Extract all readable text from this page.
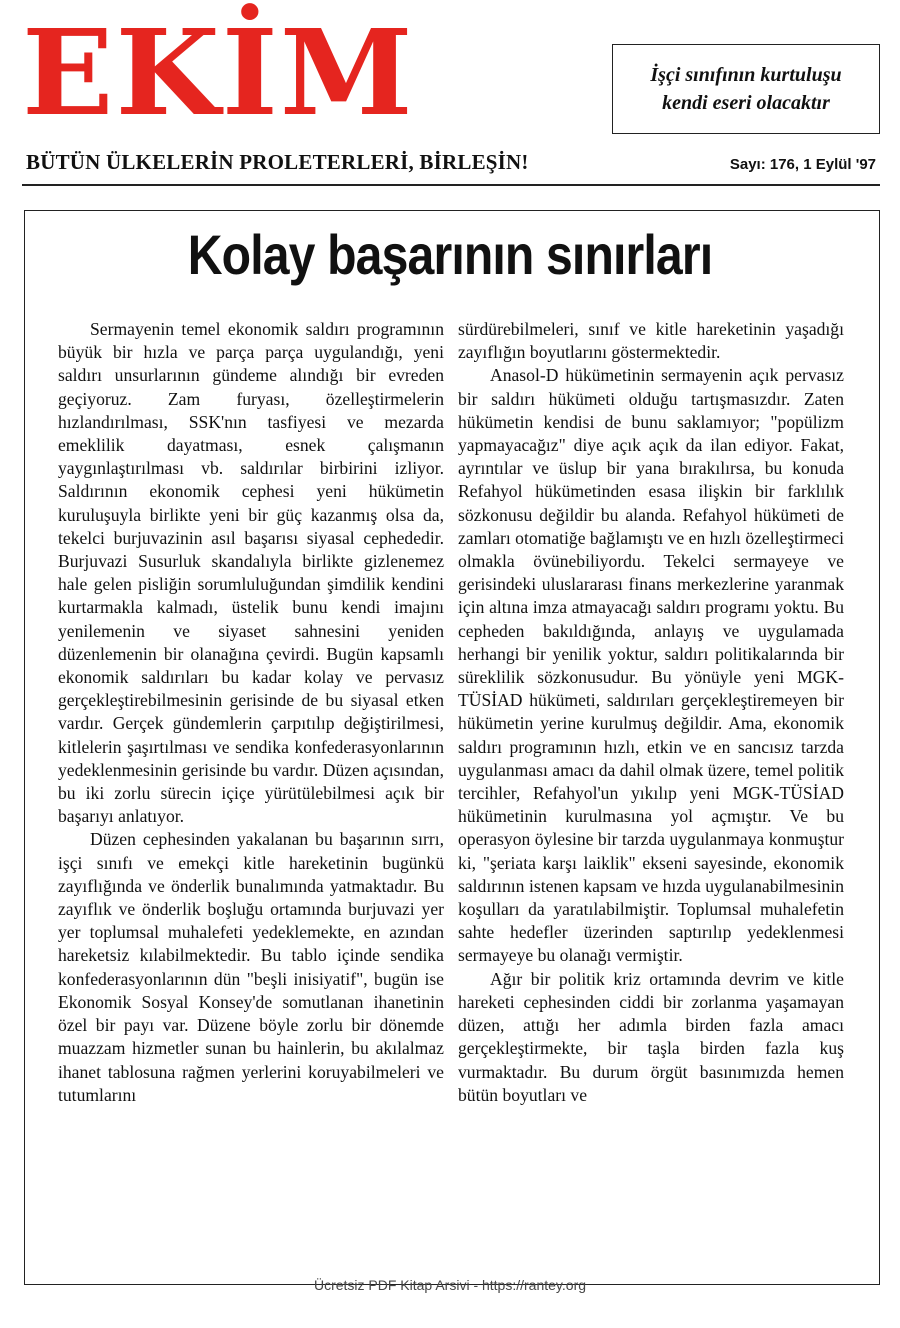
EKİM	İşçi sınıfının kurtuluşu
kendi eseri olacaktır
BÜTÜN ÜLKELERİN PROLETERLERİ, BİRLEŞİN!	Sayı: 176, 1 Eylül '97
Kolay başarının sınırları

Sermayenin temel ekonomik saldırı programının büyük bir hızla ve parça parça uygulandığı, yeni saldırı unsurlarının gündeme alındığı bir evreden geçiyoruz. Zam furyası, özelleştirmelerin hızlandırılması, SSK'nın tasfiyesi ve mezarda emeklilik dayatması, esnek çalışmanın yaygınlaştırılması vb. saldırılar birbirini izliyor. Saldırının ekonomik cephesi yeni hükümetin kuruluşuyla birlikte yeni bir güç kazanmış olsa da, tekelci burjuvazinin asıl başarısı siyasal cephededir. Burjuvazi Susurluk skandalıyla birlikte gizlenemez hale gelen pisliğin sorumluluğundan şimdilik kendini kurtarmakla kalmadı, üstelik bunu kendi imajını yenilemenin ve siyaset sahnesini yeniden düzenlemenin bir olanağına çevirdi. Bugün kapsamlı ekonomik saldırıları bu kadar kolay ve pervasız gerçekleştirebilmesinin gerisinde de bu siyasal etken vardır. Gerçek gündemlerin çarpıtılıp değiştirilmesi, kitlelerin şaşırtılması ve sendika konfederasyonlarının yedeklenmesinin gerisinde bu vardır. Düzen açısından, bu iki zorlu sürecin içiçe yürütülebilmesi açık bir başarıyı anlatıyor.

Düzen cephesinden yakalanan bu başarının sırrı, işçi sınıfı ve emekçi kitle hareketinin bugünkü zayıflığında ve önderlik bunalımında yatmaktadır. Bu zayıflık ve önderlik boşluğu ortamında burjuvazi yer yer toplumsal muhalefeti yedeklemekte, en azından hareketsiz kılabilmektedir. Bu tablo içinde sendika konfederasyonlarının dün "beşli inisiyatif", bugün ise Ekonomik Sosyal Konsey'de somutlanan ihanetinin özel bir payı var. Düzene böyle zorlu bir dönemde muazzam hizmetler sunan bu hainlerin, bu akılalmaz ihanet tablosuna rağmen yerlerini koruyabilmeleri ve tutumlarını

sürdürebilmeleri, sınıf ve kitle hareketinin yaşadığı zayıflığın boyutlarını göstermektedir.

Anasol-D hükümetinin sermayenin açık pervasız bir saldırı hükümeti olduğu tartışmasızdır. Zaten hükümetin kendisi de bunu saklamıyor; "popülizm yapmayacağız" diye açık açık da ilan ediyor. Fakat, ayrıntılar ve üslup bir yana bırakılırsa, bu konuda Refahyol hükümetinden esasa ilişkin bir farklılık sözkonusu değildir bu alanda. Refahyol hükümeti de zamları otomatiğe bağlamıştı ve en hızlı özelleştirmeci olmakla övünebiliyordu. Tekelci sermayeye ve gerisindeki uluslararası finans merkezlerine yaranmak için altına imza atmayacağı saldırı programı yoktu. Bu cepheden bakıldığında, anlayış ve uygulamada herhangi bir yenilik yoktur, saldırı politikalarında bir süreklilik sözkonusudur. Bu yönüyle yeni MGK-TÜSİAD hükümeti, saldırıları gerçekleştiremeyen bir hükümetin yerine kurulmuş değildir. Ama, ekonomik saldırı programının hızlı, etkin ve en sancısız tarzda uygulanması amacı da dahil olmak üzere, temel politik tercihler, Refahyol'un yıkılıp yeni MGK-TÜSİAD hükümetinin kurulmasına yol açmıştır. Ve bu operasyon öylesine bir tarzda uygulanmaya konmuştur ki, "şeriata karşı laiklik" ekseni sayesinde, ekonomik saldırının istenen kapsam ve hızda uygulanabilmesinin koşulları da yaratılabilmiştir. Toplumsal muhalefetin sahte hedefler üzerinden saptırılıp yedeklenmesi sermayeye bu olanağı vermiştir.

Ağır bir politik kriz ortamında devrim ve kitle hareketi cephesinden ciddi bir zorlanma yaşamayan düzen, attığı her adımla birden fazla amacı gerçekleştirmekte, bir taşla birden fazla kuş vurmaktadır. Bu durum örgüt basınımızda hemen bütün boyutları ve

Ücretsiz PDF Kitap Arsivi - https://rantey.org
